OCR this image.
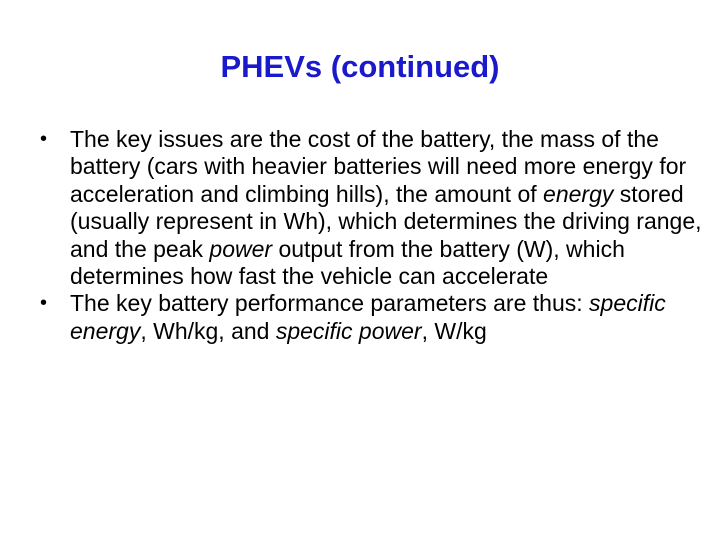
PHEVs (continued)
• The key issues are the cost of the battery, the mass of the battery (cars with heavier batteries will need more energy for acceleration and climbing hills), the amount of energy stored (usually represent in Wh), which determines the driving range, and the peak power output from the battery (W), which determines how fast the vehicle can accelerate
• The key battery performance parameters are thus: specific energy, Wh/kg, and specific power, W/kg
